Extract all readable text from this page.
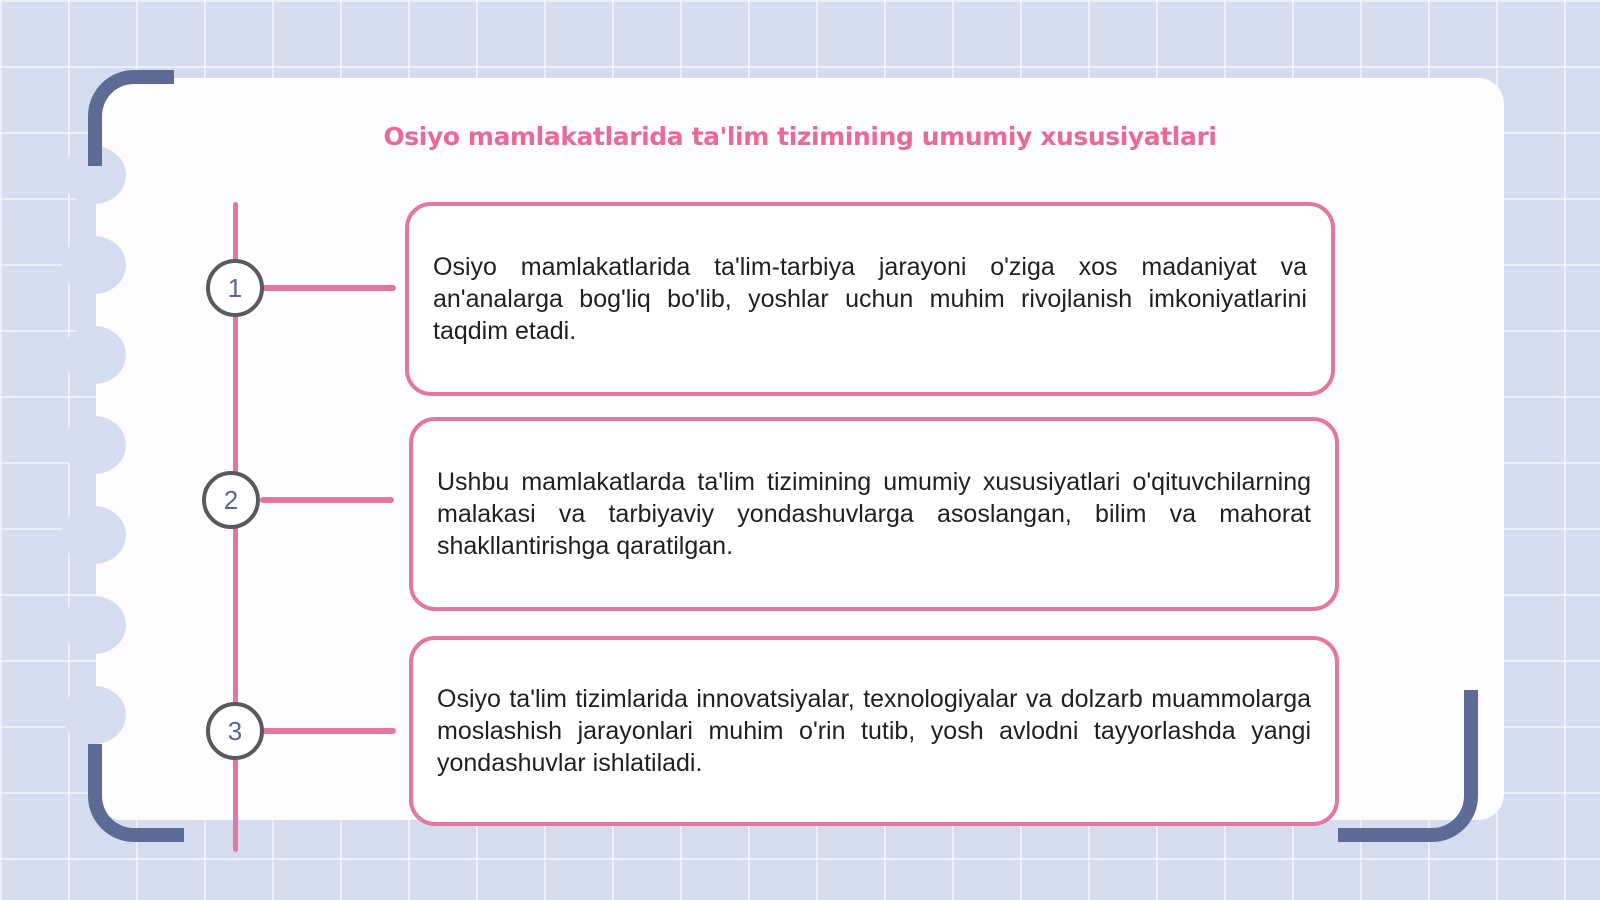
Osiyo mamlakatlarida ta'lim tizimining umumiy xususiyatlari
1
2
3

Osiyo mamlakatlarida ta'lim-tarbiya jarayoni o'ziga xos madaniyat va an'analarga bog'liq bo'lib, yoshlar uchun muhim rivojlanish imkoniyatlarini taqdim etadi.

Ushbu mamlakatlarda ta'lim tizimining umumiy xususiyatlari o'qituvchilarning malakasi va tarbiyaviy yondashuvlarga asoslangan, bilim va mahorat shakllantirishga qaratilgan.

Osiyo ta'lim tizimlarida innovatsiyalar, texnologiyalar va dolzarb muammolarga moslashish jarayonlari muhim o'rin tutib, yosh avlodni tayyorlashda yangi yondashuvlar ishlatiladi.
